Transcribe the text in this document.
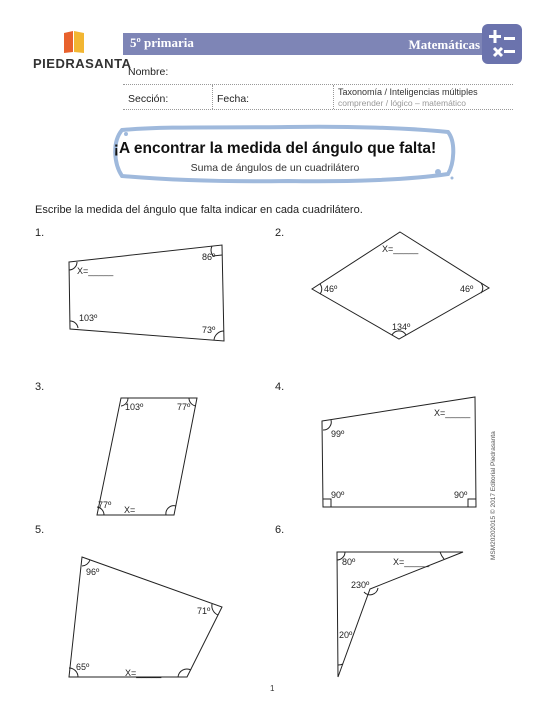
PIEDRASANTA
5º primaria	Matemáticas
Nombre:
Sección:	Fecha:
Taxonomía / Inteligencias múltiples
comprender / lógico – matemático
¡A encontrar la medida del ángulo que falta!
Suma de ángulos de un cuadrilátero
Escribe la medida del ángulo que falta indicar en cada cuadrilátero.
1.	2.
3.	4.
5.	6.
X=_____
86º
103º
73º
X=_____
46º	46º
134º
103º	77º
77º X=_____
X=_____
99º
90º	90º
96º
71º
65º
X=_____
80º	X=_____
230º
20º
MSM20202015 © 2017 Editorial Piedrasanta
1
